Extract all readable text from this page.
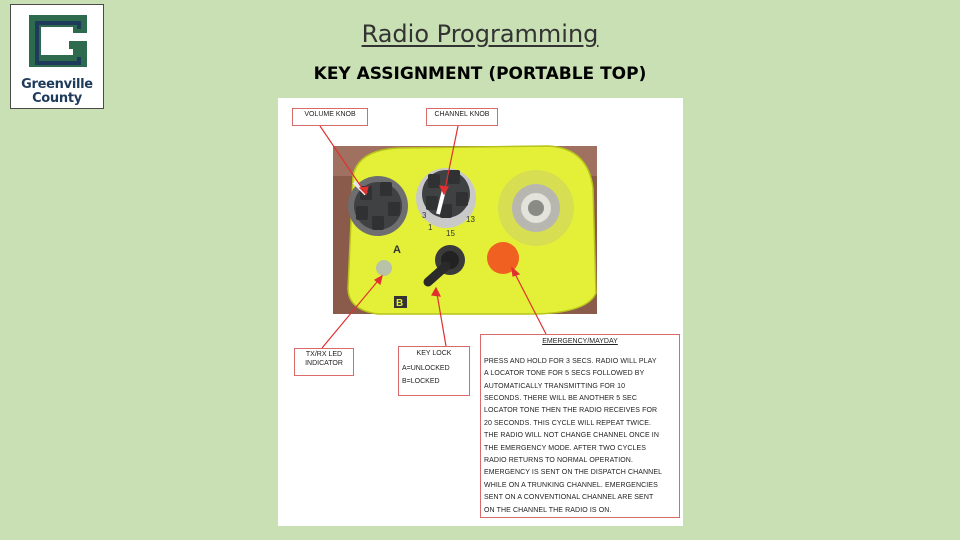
Greenville
County
Radio Programming
KEY ASSIGNMENT (PORTABLE TOP)
A
B
3
1
15
13
VOLUME KNOB	CHANNEL KNOB
TX/RX LED
INDICATOR
KEY LOCK
A=UNLOCKED
B=LOCKED
EMERGENCY/MAYDAY
PRESS AND HOLD FOR 3 SECS. RADIO WILL PLAY
A LOCATOR TONE FOR 5 SECS FOLLOWED BY
AUTOMATICALLY TRANSMITTING FOR 10
SECONDS. THERE WILL BE ANOTHER 5 SEC
LOCATOR TONE THEN THE RADIO RECEIVES FOR
20 SECONDS. THIS CYCLE WILL REPEAT TWICE.
THE RADIO WILL NOT CHANGE CHANNEL ONCE IN
THE EMERGENCY MODE. AFTER TWO CYCLES
RADIO RETURNS TO NORMAL OPERATION.
EMERGENCY IS SENT ON THE DISPATCH CHANNEL
WHILE ON A TRUNKING CHANNEL. EMERGENCIES
SENT ON A CONVENTIONAL CHANNEL ARE SENT
ON THE CHANNEL THE RADIO IS ON.
